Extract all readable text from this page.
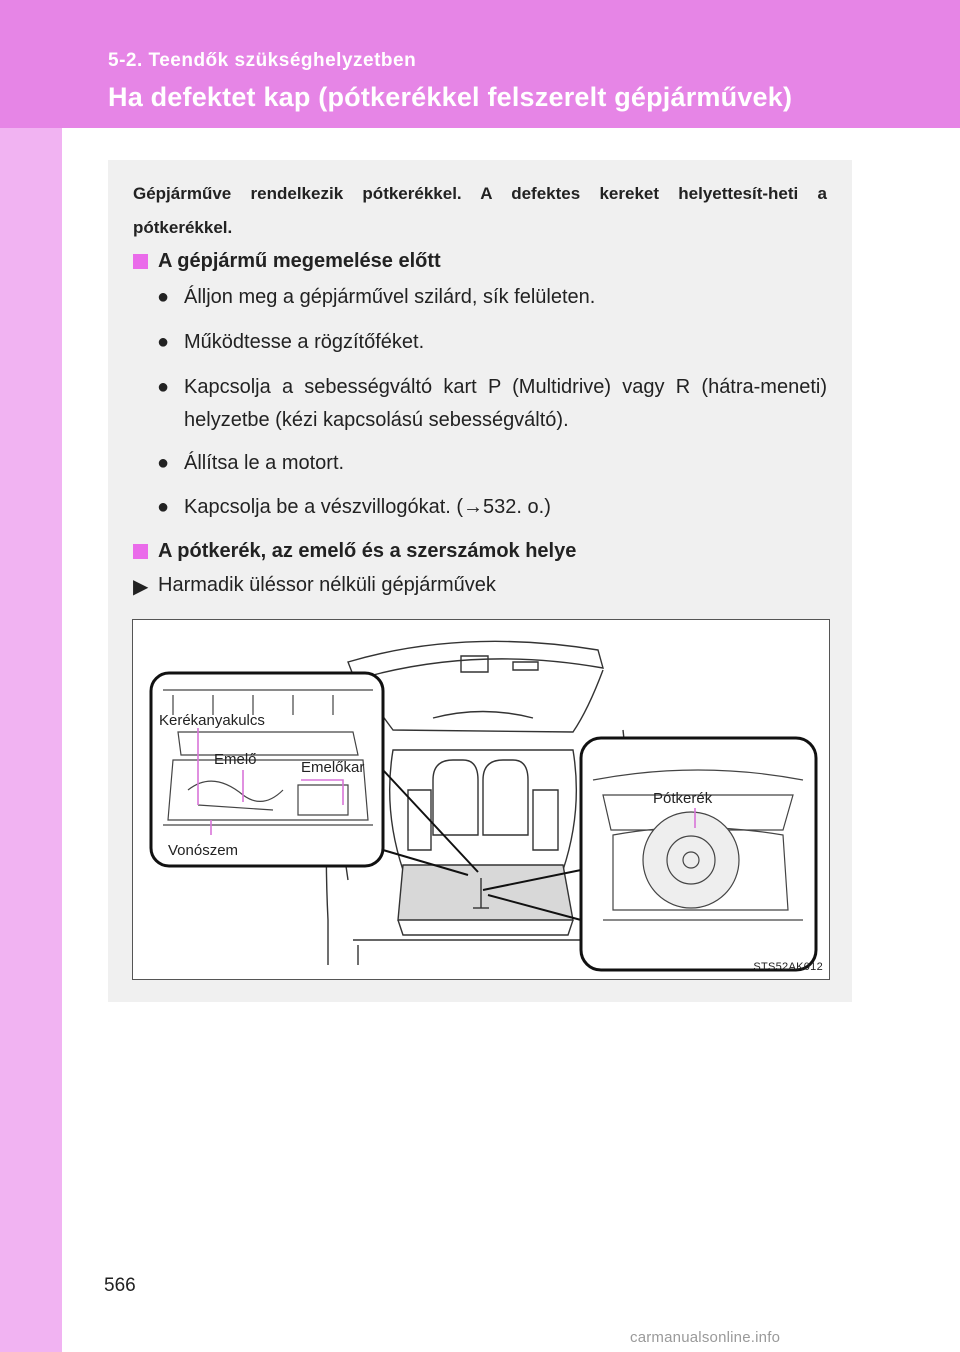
5-2. Teendők szükséghelyzetben
Ha defektet kap (pótkerékkel felszerelt gépjárművek)
Gépjárműve rendelkezik pótkerékkel. A defektes kereket helyettesít-heti a pótkerékkel.
A gépjármű megemelése előtt
● Álljon meg a gépjárművel szilárd, sík felületen.
● Működtesse a rögzítőféket.
● Kapcsolja a sebességváltó kart P (Multidrive) vagy R (hátra-meneti) helyzetbe (kézi kapcsolású sebességváltó).
● Állítsa le a motort.
● Kapcsolja be a vészvillogókat. (→532. o.)
A pótkerék, az emelő és a szerszámok helye
▶ Harmadik üléssor nélküli gépjárművek
Kerékanyakulcs
Emelő	Emelőkar
Vonószem
Pótkerék
STS52AK012
566
carmanualsonline.info
